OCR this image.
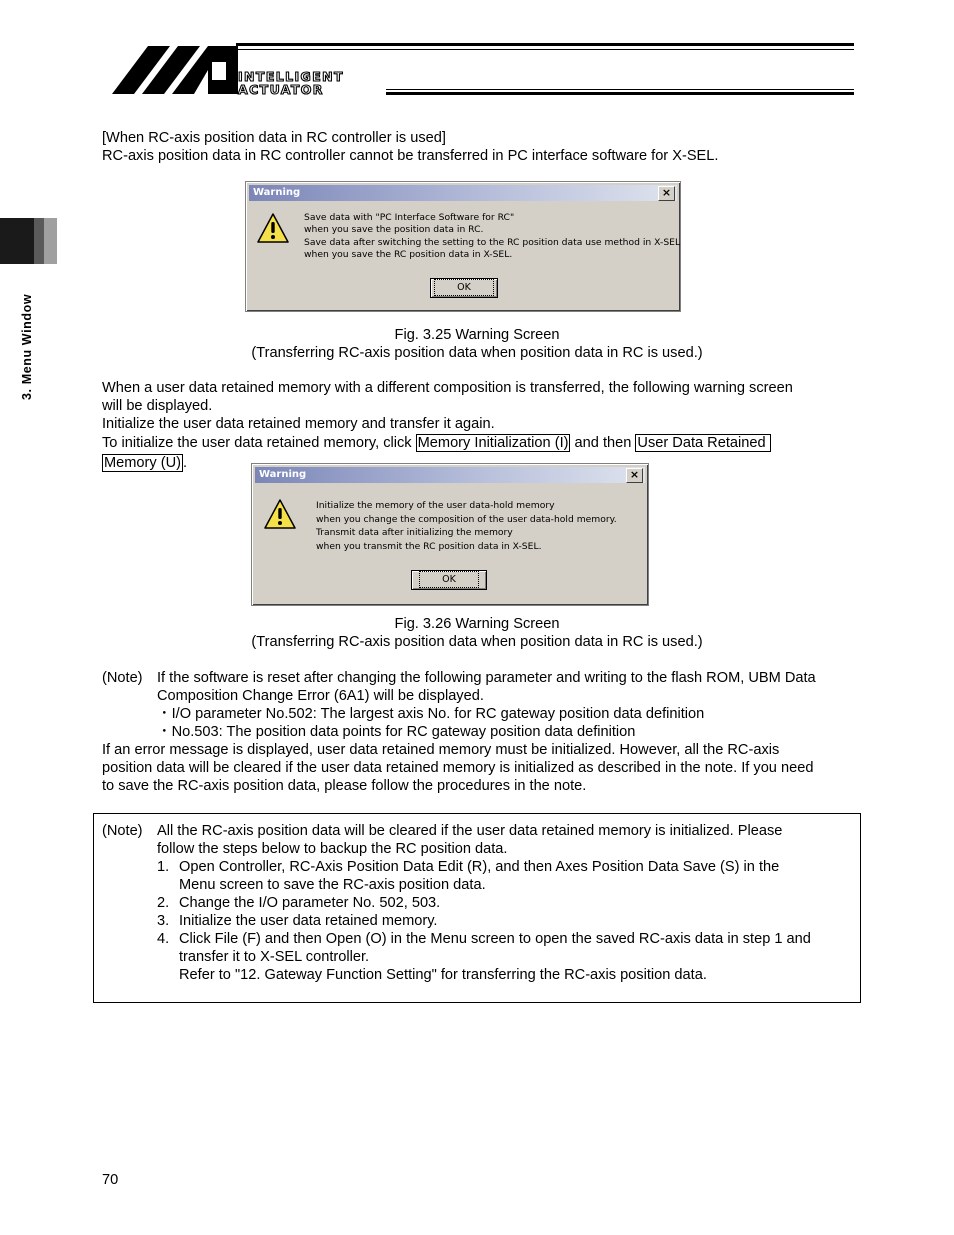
INTELLIGENT
ACTUATOR
3. Menu Window
[When RC-axis position data in RC controller is used]
RC-axis position data in RC controller cannot be transferred in PC interface software for X-SEL.
Warning	×
Save data with "PC Interface Software for RC"
when you save the position data in RC.
Save data after switching the setting to the RC position data use method in X-SEL
when you save the RC position data in X-SEL.
OK
Fig. 3.25 Warning Screen
(Transferring RC-axis position data when position data in RC is used.)
When a user data retained memory with a different composition is transferred, the following warning screen
will be displayed.
Initialize the user data retained memory and transfer it again.
To initialize the user data retained memory, click Memory Initialization (I) and then User Data Retained
Memory (U) .
Warning	×
Initialize the memory of the user data-hold memory
when you change the composition of the user data-hold memory.
Transmit data after initializing the memory
when you transmit the RC position data in X-SEL.
OK
Fig. 3.26 Warning Screen
(Transferring RC-axis position data when position data in RC is used.)
(Note) If the software is reset after changing the following parameter and writing to the flash ROM, UBM Data
Composition Change Error (6A1) will be displayed.
・I/O parameter No.502: The largest axis No. for RC gateway position data definition
・No.503: The position data points for RC gateway position data definition
If an error message is displayed, user data retained memory must be initialized. However, all the RC-axis
position data will be cleared if the user data retained memory is initialized as described in the note. If you need
to save the RC-axis position data, please follow the procedures in the note.
(Note) All the RC-axis position data will be cleared if the user data retained memory is initialized. Please
follow the steps below to backup the RC position data.
1. Open Controller, RC-Axis Position Data Edit (R), and then Axes Position Data Save (S) in the
Menu screen to save the RC-axis position data.
2. Change the I/O parameter No. 502, 503.
3. Initialize the user data retained memory.
4. Click File (F) and then Open (O) in the Menu screen to open the saved RC-axis data in step 1 and
transfer it to X-SEL controller.
Refer to "12. Gateway Function Setting" for transferring the RC-axis position data.
70
